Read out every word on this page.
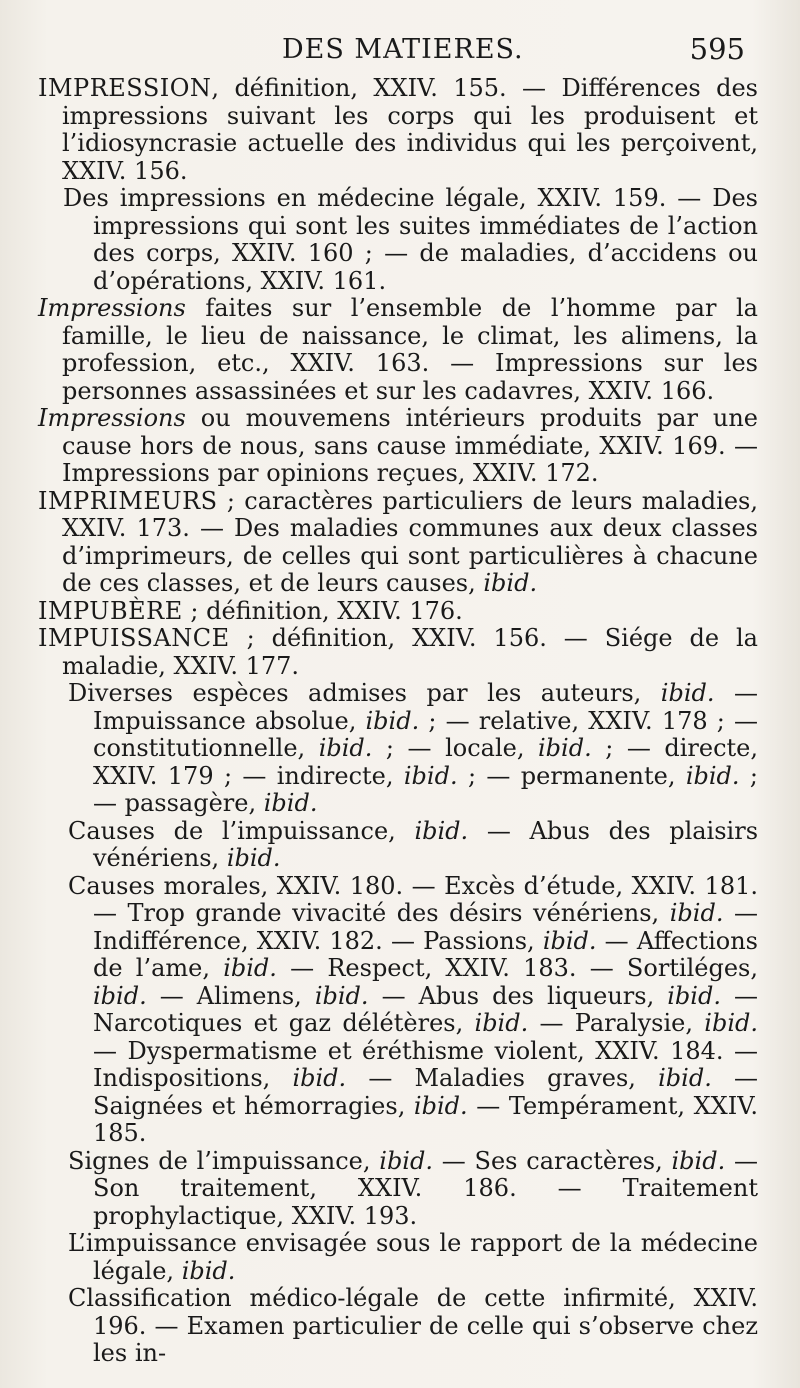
DES MATIERES.	595

IMPRESSION, définition, XXIV. 155. — Différences des impressions suivant les corps qui les produisent et l’idiosyncrasie actuelle des individus qui les perçoivent, XXIV. 156.

Des impressions en médecine légale, XXIV. 159. — Des impressions qui sont les suites immédiates de l’action des corps, XXIV. 160 ; — de maladies, d’accidens ou d’opérations, XXIV. 161.

Impressions faites sur l’ensemble de l’homme par la famille, le lieu de naissance, le climat, les alimens, la profession, etc., XXIV. 163. — Impressions sur les personnes assassinées et sur les cadavres, XXIV. 166.

Impressions ou mouvemens intérieurs produits par une cause hors de nous, sans cause immédiate, XXIV. 169. — Impressions par opinions reçues, XXIV. 172.

IMPRIMEURS ; caractères particuliers de leurs maladies, XXIV. 173. — Des maladies communes aux deux classes d’imprimeurs, de celles qui sont particulières à chacune de ces classes, et de leurs causes, ibid.

IMPUBÈRE ; définition, XXIV. 176.

IMPUISSANCE ; définition, XXIV. 156. — Siége de la maladie, XXIV. 177.

Diverses espèces admises par les auteurs, ibid. — Impuissance absolue, ibid. ; — relative, XXIV. 178 ; — constitutionnelle, ibid. ; — locale, ibid. ; — directe, XXIV. 179 ; — indirecte, ibid. ; — permanente, ibid. ; — passagère, ibid.

Causes de l’impuissance, ibid. — Abus des plaisirs vénériens, ibid.

Causes morales, XXIV. 180. — Excès d’étude, XXIV. 181. — Trop grande vivacité des désirs vénériens, ibid. — Indifférence, XXIV. 182. — Passions, ibid. — Affections de l’ame, ibid. — Respect, XXIV. 183. — Sortiléges, ibid. — Alimens, ibid. — Abus des liqueurs, ibid. — Narcotiques et gaz délétères, ibid. — Paralysie, ibid. — Dyspermatisme et éréthisme violent, XXIV. 184. — Indispositions, ibid. — Maladies graves, ibid. — Saignées et hémorragies, ibid. — Tempérament, XXIV. 185.

Signes de l’impuissance, ibid. — Ses caractères, ibid. — Son traitement, XXIV. 186. — Traitement prophylactique, XXIV. 193.

L’impuissance envisagée sous le rapport de la médecine légale, ibid.

Classification médico-légale de cette infirmité, XXIV. 196. — Examen particulier de celle qui s’observe chez les in-
